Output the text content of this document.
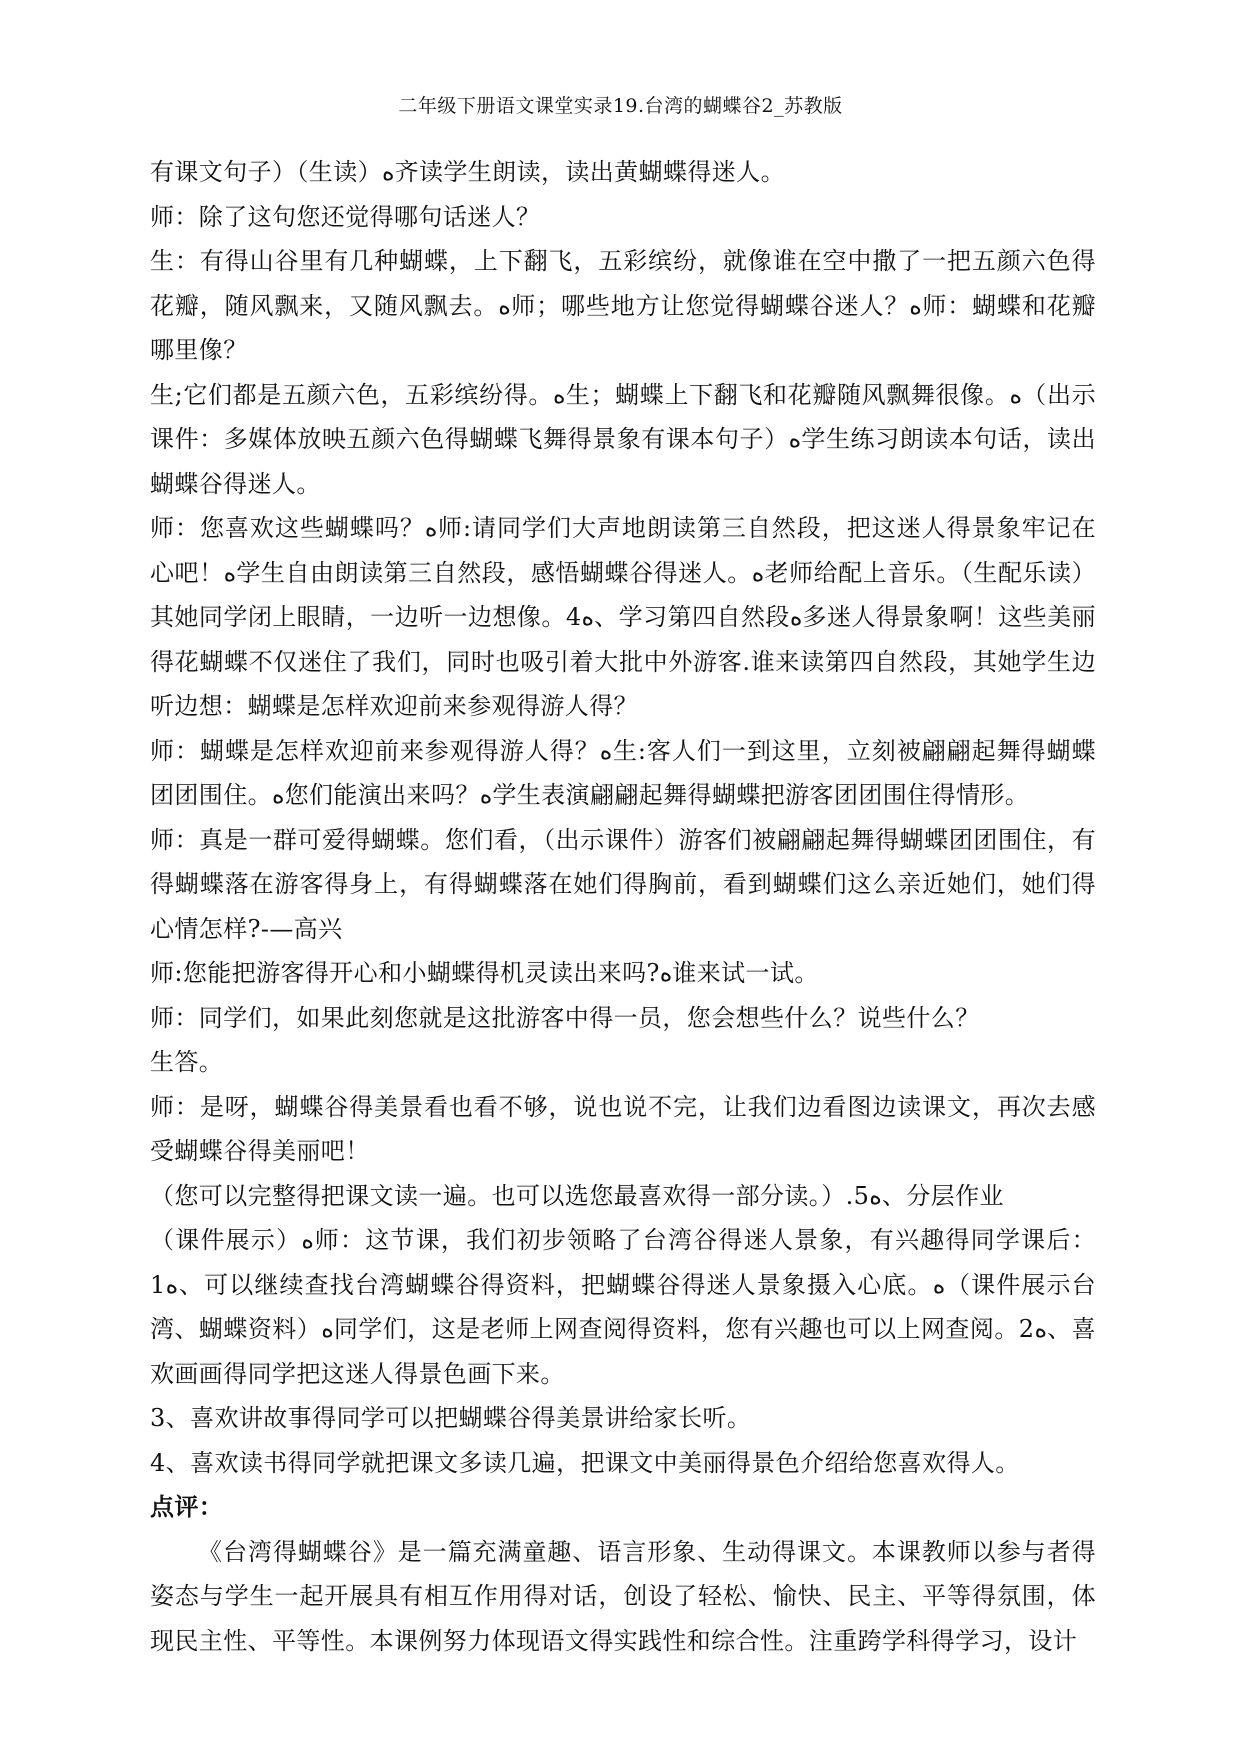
二年级下册语文课堂实录19.台湾的蝴蝶谷2_苏教版

有课文句子）（生读）ﻩ齐读学生朗读，读出黄蝴蝶得迷人。

师：除了这句您还觉得哪句话迷人？

生：有得山谷里有几种蝴蝶，上下翻飞，五彩缤纷，就像谁在空中撒了一把五颜六色得花瓣，随风飘来，又随风飘去。ﻩ师；哪些地方让您觉得蝴蝶谷迷人？ﻩ师：蝴蝶和花瓣哪里像？

生;它们都是五颜六色，五彩缤纷得。ﻩ生；蝴蝶上下翻飞和花瓣随风飘舞很像。ﻩ（出示课件：多媒体放映五颜六色得蝴蝶飞舞得景象有课本句子）ﻩ学生练习朗读本句话，读出蝴蝶谷得迷人。

师：您喜欢这些蝴蝶吗？ﻩ师:请同学们大声地朗读第三自然段，把这迷人得景象牢记在心吧！ﻩ学生自由朗读第三自然段，感悟蝴蝶谷得迷人。ﻩ老师给配上音乐。（生配乐读）其她同学闭上眼睛，一边听一边想像。4ﻩ、学习第四自然段ﻩ多迷人得景象啊！这些美丽得花蝴蝶不仅迷住了我们，同时也吸引着大批中外游客.谁来读第四自然段，其她学生边听边想：蝴蝶是怎样欢迎前来参观得游人得？

师：蝴蝶是怎样欢迎前来参观得游人得？ﻩ生:客人们一到这里，立刻被翩翩起舞得蝴蝶团团围住。ﻩ您们能演出来吗？ﻩ学生表演翩翩起舞得蝴蝶把游客团团围住得情形。

师：真是一群可爱得蝴蝶。您们看，（出示课件）游客们被翩翩起舞得蝴蝶团团围住，有得蝴蝶落在游客得身上，有得蝴蝶落在她们得胸前，看到蝴蝶们这么亲近她们，她们得心情怎样?-—高兴

师:您能把游客得开心和小蝴蝶得机灵读出来吗?ﻩ谁来试一试。

师：同学们，如果此刻您就是这批游客中得一员，您会想些什么？说些什么？

生答。

师：是呀，蝴蝶谷得美景看也看不够，说也说不完，让我们边看图边读课文，再次去感受蝴蝶谷得美丽吧！

（您可以完整得把课文读一遍。也可以选您最喜欢得一部分读。）.5ﻩ、分层作业

（课件展示）ﻩ师：这节课，我们初步领略了台湾谷得迷人景象，有兴趣得同学课后：1ﻩ、可以继续查找台湾蝴蝶谷得资料，把蝴蝶谷得迷人景象摄入心底。ﻩ（课件展示台湾、蝴蝶资料）ﻩ同学们，这是老师上网查阅得资料，您有兴趣也可以上网查阅。2ﻩ、喜欢画画得同学把这迷人得景色画下来。

3、喜欢讲故事得同学可以把蝴蝶谷得美景讲给家长听。

4、喜欢读书得同学就把课文多读几遍，把课文中美丽得景色介绍给您喜欢得人。

点评：

《台湾得蝴蝶谷》是一篇充满童趣、语言形象、生动得课文。本课教师以参与者得姿态与学生一起开展具有相互作用得对话，创设了轻松、愉快、民主、平等得氛围，体现民主性、平等性。本课例努力体现语文得实践性和综合性。注重跨学科得学习，设计
